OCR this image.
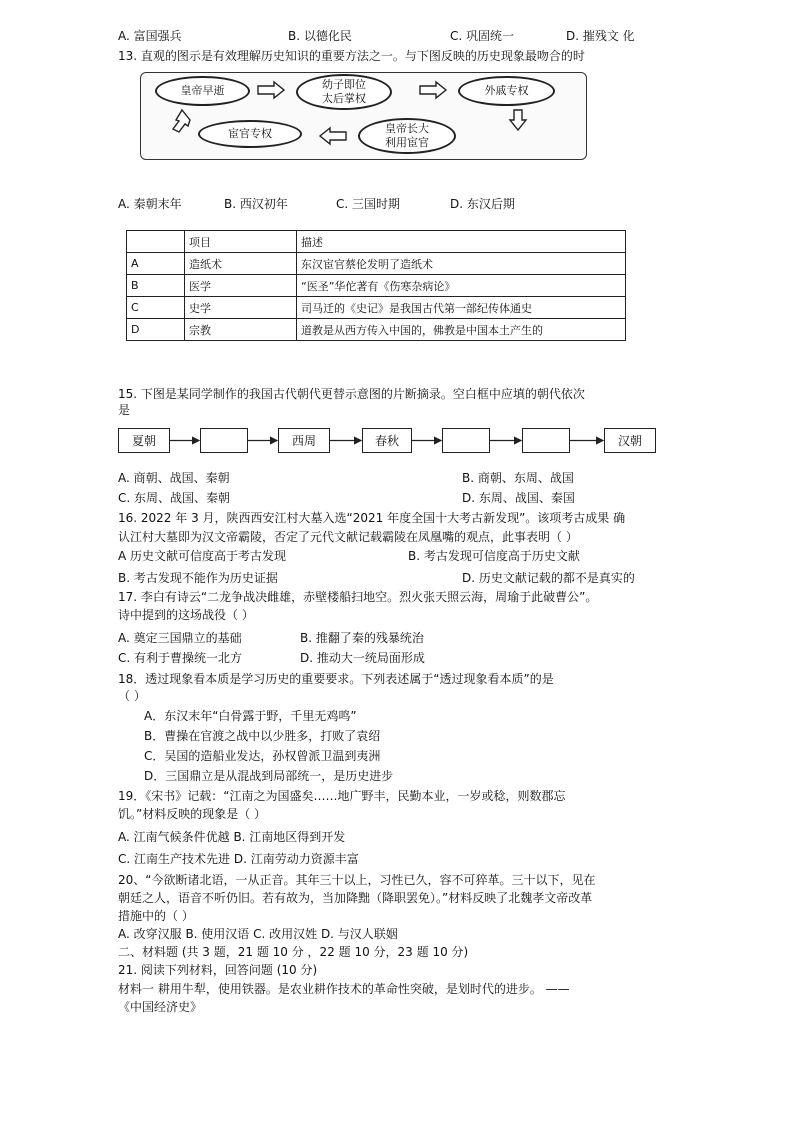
A. 富国强兵	B. 以德化民	C. 巩固统一	D. 摧残文 化
13. 直观的图示是有效理解历史知识的重要方法之一。与下图反映的历史现象最吻合的时
皇帝早逝	幼子即位
太后掌权
外戚专权
皇帝长大
利用宦官
宦官专权
A. 秦朝末年	B. 西汉初年	C. 三国时期	D. 东汉后期
	项目	描述
A	造纸术	东汉宦官蔡伦发明了造纸术
B	医学	“医圣”华佗著有《伤寒杂病论》
C	史学	司马迁的《史记》是我国古代第一部纪传体通史
D	宗教	道教是从西方传入中国的，佛教是中国本土产生的
15. 下图是某同学制作的我国古代朝代更替示意图的片断摘录。空白框中应填的朝代依次
是
夏朝	西周	春秋	汉朝
A. 商朝、战国、秦朝	B. 商朝、东周、战国
C. 东周、战国、秦朝	D. 东周、战国、秦国
16. 2022 年 3 月，陕西西安江村大墓入选“2021 年度全国十大考古新发现”。该项考古成果 确
认江村大墓即为汉文帝霸陵，否定了元代文献记载霸陵在凤凰嘴的观点，此事表明（ ）
A 历史文献可信度高于考古发现	B. 考古发现可信度高于历史文献
B. 考古发现不能作为历史证据	D. 历史文献记载的都不是真实的
17. 李白有诗云“二龙争战决雌雄，赤壁楼船扫地空。烈火张天照云海，周瑜于此破曹公”。
诗中提到的这场战役（ ）
A. 奠定三国鼎立的基础	B. 推翻了秦的残暴统治
C. 有利于曹操统一北方	D. 推动大一统局面形成
18．透过现象看本质是学习历史的重要要求。下列表述属于“透过现象看本质”的是
（ ）
A．东汉末年“白骨露于野，千里无鸡鸣”
B．曹操在官渡之战中以少胜多，打败了袁绍
C．吴国的造船业发达，孙权曾派卫温到夷洲
D．三国鼎立是从混战到局部统一，是历史进步
19．《宋书》记载：“江南之为国盛矣……地广野丰，民勤本业，一岁或稔，则数郡忘
饥。”材料反映的现象是（ ）
A. 江南气候条件优越 B. 江南地区得到开发
C. 江南生产技术先进 D. 江南劳动力资源丰富
20、“今欲断诸北语，一从正音。其年三十以上，习性已久，容不可猝革。三十以下，见在
朝廷之人，语音不听仍旧。若有故为，当加降黜（降职罢免）。”材料反映了北魏孝文帝改革
措施中的（ ）
A. 改穿汉服 B. 使用汉语 C. 改用汉姓 D. 与汉人联姻
二、材料题 (共 3 题，21 题 10 分 ，22 题 10 分，23 题 10 分)
21. 阅读下列材料，回答问题 (10 分)
材料一 耕用牛犁，使用铁器。是农业耕作技术的革命性突破，是划时代的进步。 ——
《中国经济史》
